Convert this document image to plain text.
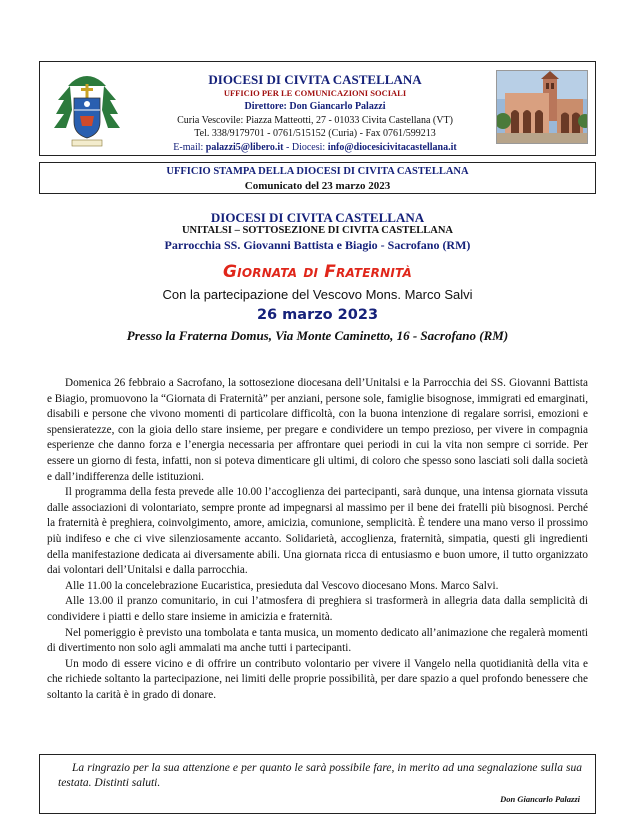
DIOCESI DI CIVITA CASTELLANA
UFFICIO PER LE COMUNICAZIONI SOCIALI
Direttore: Don Giancarlo Palazzi
Curia Vescovile: Piazza Matteotti, 27 - 01033 Civita Castellana (VT)
Tel. 338/9179701 - 0761/515152 (Curia) - Fax 0761/599213
E-mail: palazzi5@libero.it - Diocesi: info@diocesicivitacastellana.it
UFFICIO STAMPA DELLA DIOCESI DI CIVITA CASTELLANA
Comunicato del 23 marzo 2023
DIOCESI DI CIVITA CASTELLANA
UNITALSI – SOTTOSEZIONE DI CIVITA CASTELLANA
Parrocchia SS. Giovanni Battista e Biagio - Sacrofano (RM)
Giornata di Fraternità
Con la partecipazione del Vescovo Mons. Marco Salvi
26 marzo 2023
Presso la Fraterna Domus, Via Monte Caminetto, 16 - Sacrofano (RM)

Domenica 26 febbraio a Sacrofano, la sottosezione diocesana dell’Unitalsi e la Parrocchia dei SS. Giovanni Battista e Biagio, promuovono la “Giornata di Fraternità” per anziani, persone sole, famiglie bisognose, immigrati ed emarginati, disabili e persone che vivono momenti di particolare difficoltà, con la buona intenzione di regalare sorrisi, emozioni e spensieratezze, con la gioia dello stare insieme, per pregare e condividere un tempo prezioso, per vivere in compagnia esperienze che danno forza e l’energia necessaria per affrontare quei periodi in cui la vita non sempre ci sorride. Per essere un giorno di festa, infatti, non si poteva dimenticare gli ultimi, di coloro che spesso sono lasciati soli dalla società e dall’indifferenza delle istituzioni.

Il programma della festa prevede alle 10.00 l’accoglienza dei partecipanti, sarà dunque, una intensa giornata vissuta dalle associazioni di volontariato, sempre pronte ad impegnarsi al massimo per il bene dei fratelli più bisognosi. Perché la fraternità è preghiera, coinvolgimento, amore, amicizia, comunione, semplicità. È tendere una mano verso il prossimo più indifeso e che ci vive silenziosamente accanto. Solidarietà, accoglienza, fraternità, simpatia, questi gli ingredienti della manifestazione dedicata ai diversamente abili. Una giornata ricca di entusiasmo e buon umore, il tutto organizzato dai volontari dell’Unitalsi e dalla parrocchia.

Alle 11.00 la concelebrazione Eucaristica, presieduta dal Vescovo diocesano Mons. Marco Salvi.

Alle 13.00 il pranzo comunitario, in cui l’atmosfera di preghiera si trasformerà in allegria data dalla semplicità di condividere i piatti e dello stare insieme in amicizia e fraternità.

Nel pomeriggio è previsto una tombolata e tanta musica, un momento dedicato all’animazione che regalerà momenti di divertimento non solo agli ammalati ma anche tutti i partecipanti.

Un modo di essere vicino e di offrire un contributo volontario per vivere il Vangelo nella quotidianità della vita e che richiede soltanto la partecipazione, nei limiti delle proprie possibilità, per dare spazio a quel profondo benessere che soltanto la carità è in grado di donare.

La ringrazio per la sua attenzione e per quanto le sarà possibile fare, in merito ad una segnalazione sulla sua testata. Distinti saluti.
Don Giancarlo Palazzi
